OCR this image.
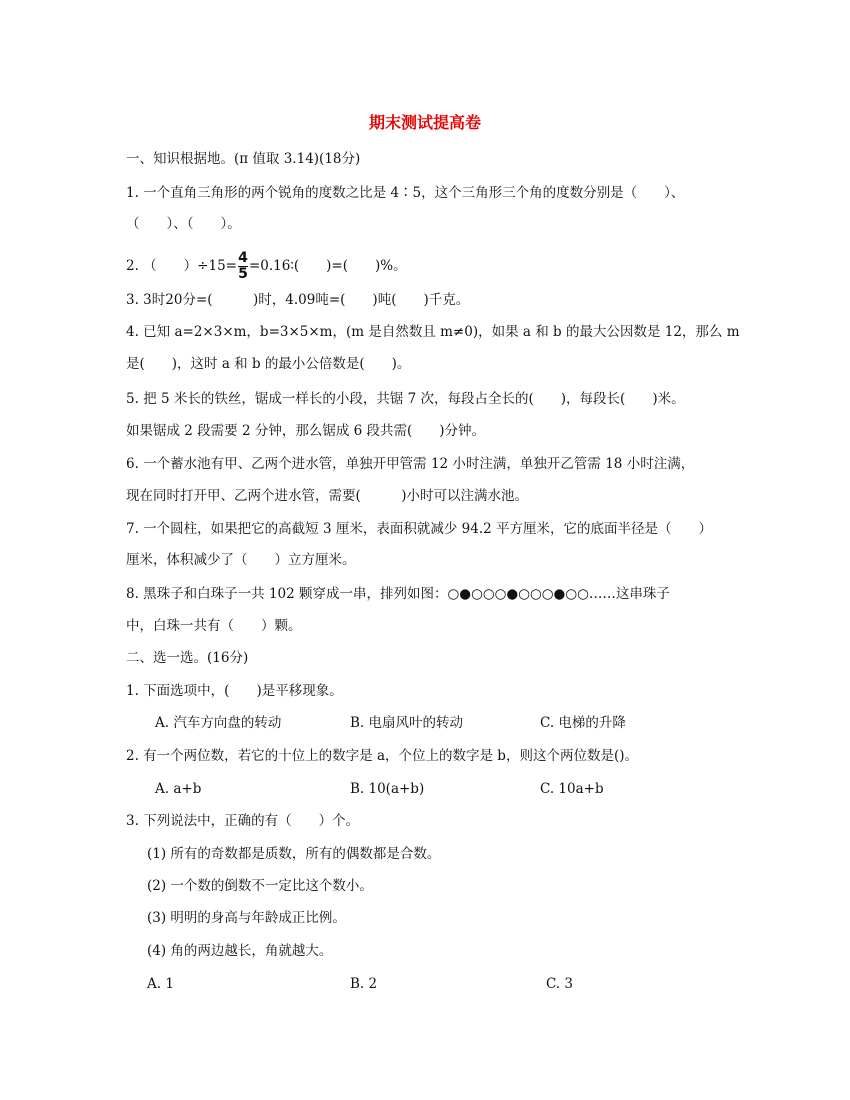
期末测试提高卷
一、知识根据地。(π 值取 3.14)(18分)
1. 一个直角三角形的两个锐角的度数之比是 4∶5，这个三角形三个角的度数分别是（　　）、
（　　）、（　　）。
2. （　　）$\div 15= \frac{4}{5}$ =0.16∶(　　)=(　　)%。
3. 3时20分=(　　　)时，4.09吨=(　　)吨(　　)千克。
4. 已知 a=2×3×m，b=3×5×m，(m 是自然数且 m≠0)，如果 a 和 b 的最大公因数是 12，那么 m
是(　　)，这时 a 和 b 的最小公倍数是(　　)。
5. 把 5 米长的铁丝，锯成一样长的小段，共锯 7 次，每段占全长的(　　)，每段长(　　)米。
如果锯成 2 段需要 2 分钟，那么锯成 6 段共需(　　)分钟。
6. 一个蓄水池有甲、乙两个进水管，单独开甲管需 12 小时注满，单独开乙管需 18 小时注满，
现在同时打开甲、乙两个进水管，需要(　　　)小时可以注满水池。
7. 一个圆柱，如果把它的高截短 3 厘米，表面积就减少 94.2 平方厘米，它的底面半径是（　　）
厘米，体积减少了（　　）立方厘米。
8. 黑珠子和白珠子一共 102 颗穿成一串，排列如图：○●○○○●○○○●○○……这串珠子
中，白珠一共有（　　）颗。
二、选一选。(16分)
1. 下面选项中，(　　)是平移现象。
A. 汽车方向盘的转动	B. 电扇风叶的转动	C. 电梯的升降
2. 有一个两位数，若它的十位上的数字是 a，个位上的数字是 b，则这个两位数是()。
A. a+b	B. 10(a+b)	C. 10a+b
3. 下列说法中，正确的有（　　）个。
(1) 所有的奇数都是质数，所有的偶数都是合数。
(2) 一个数的倒数不一定比这个数小。
(3) 明明的身高与年龄成正比例。
(4) 角的两边越长，角就越大。
A. 1	B. 2	C. 3
